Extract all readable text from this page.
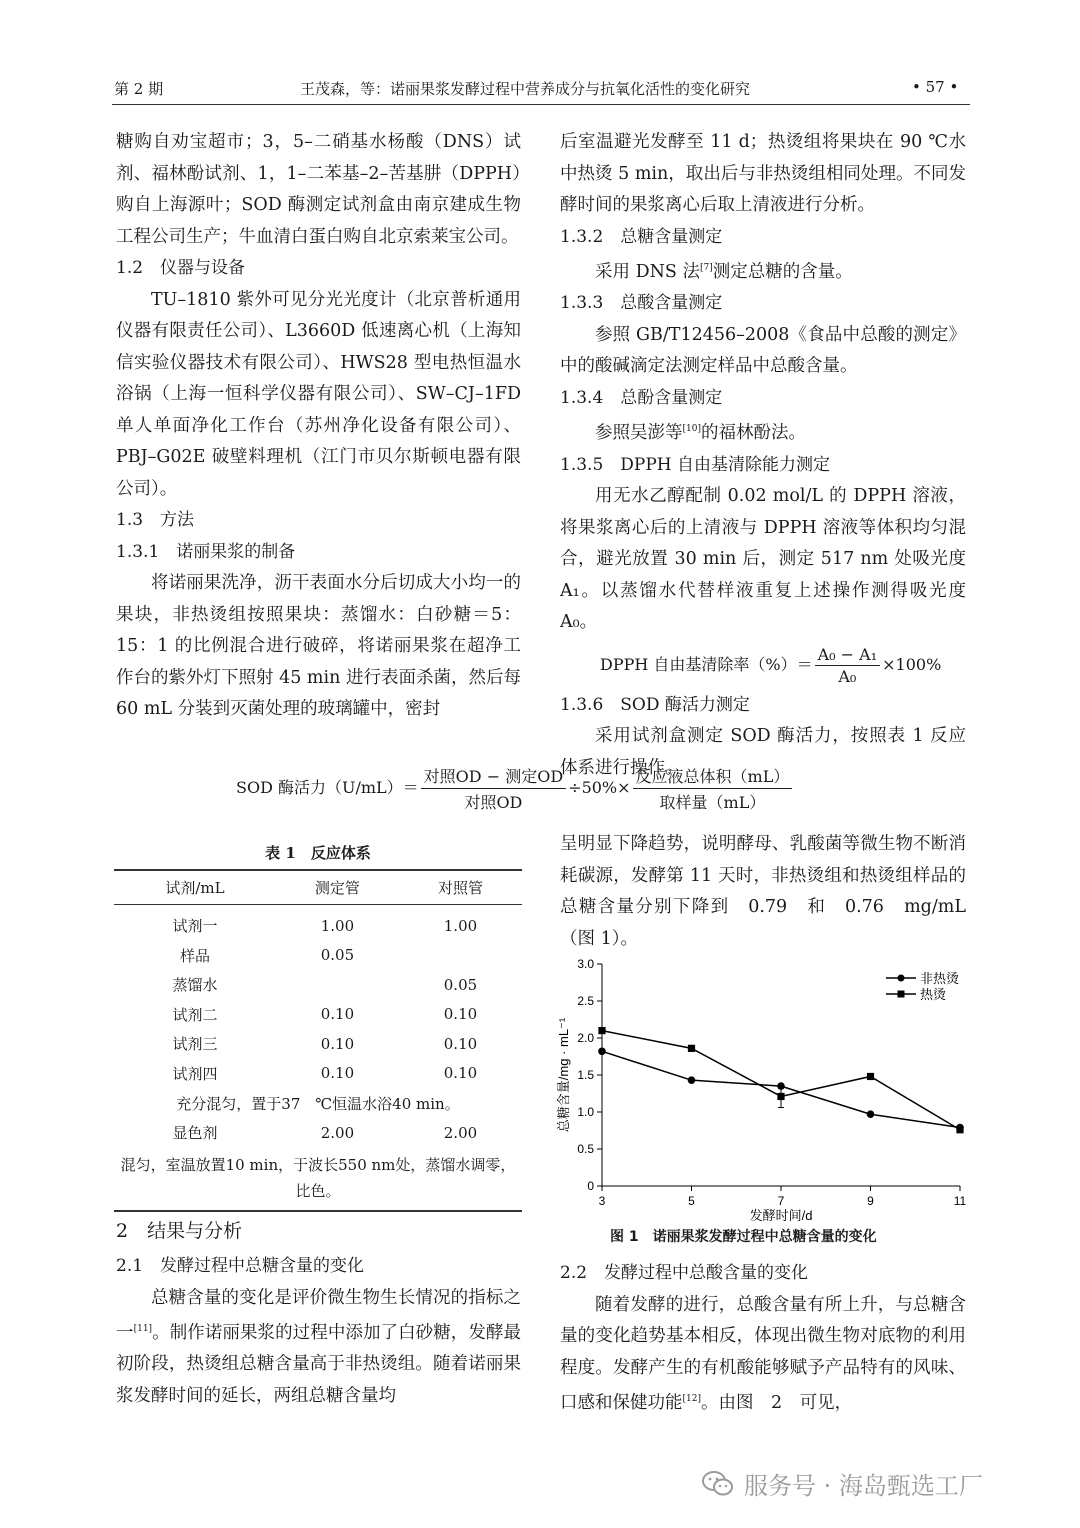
第 2 期	王茂森，等：诺丽果浆发酵过程中营养成分与抗氧化活性的变化研究	• 57 •

糖购自劝宝超市；3，5–二硝基水杨酸（DNS）试剂、福林酚试剂、1，1–二苯基–2–苦基肼（DPPH）购自上海源叶；SOD 酶测定试剂盒由南京建成生物工程公司生产；牛血清白蛋白购自北京索莱宝公司。

1.2　仪器与设备

TU–1810 紫外可见分光光度计（北京普析通用仪器有限责任公司）、L3660D 低速离心机（上海知信实验仪器技术有限公司）、HWS28 型电热恒温水浴锅（上海一恒科学仪器有限公司）、SW–CJ–1FD 单人单面净化工作台（苏州净化设备有限公司）、PBJ–G02E 破壁料理机（江门市贝尔斯顿电器有限公司）。

1.3　方法

1.3.1　诺丽果浆的制备

将诺丽果洗净，沥干表面水分后切成大小均一的果块，非热烫组按照果块：蒸馏水：白砂糖＝5：15：1 的比例混合进行破碎，将诺丽果浆在超净工作台的紫外灯下照射 45 min 进行表面杀菌，然后每 60 mL 分装到灭菌处理的玻璃罐中，密封

后室温避光发酵至 11 d；热烫组将果块在 90 ℃水中热烫 5 min，取出后与非热烫组相同处理。不同发酵时间的果浆离心后取上清液进行分析。

1.3.2　总糖含量测定

采用 DNS 法[7]测定总糖的含量。

1.3.3　总酸含量测定

参照 GB/T12456–2008《食品中总酸的测定》中的酸碱滴定法测定样品中总酸含量。

1.3.4　总酚含量测定

参照吴澎等[10]的福林酚法。

1.3.5　DPPH 自由基清除能力测定

用无水乙醇配制 0.02 mol/L 的 DPPH 溶液，将果浆离心后的上清液与 DPPH 溶液等体积均匀混合，避光放置 30 min 后，测定 517 nm 处吸光度 A₁。以蒸馏水代替样液重复上述操作测得吸光度 A₀。

DPPH 自由基清除率（%）＝ $\frac{\text{A₀ − A₁}}{\text{A₀}} \times 100\%$

1.3.6　SOD 酶活力测定

采用试剂盒测定 SOD 酶活力，按照表 1 反应体系进行操作。

SOD 酶活力$(U/mL)= \frac{\text{对照OD − 测定OD}}{\text{对照OD}} \div 50\%\times \frac{\text{反应液总体积（mL）}}{\text{取样量（mL）}}$
表 1　反应体系
试剂/mL	测定管	对照管
试剂一	1.00	1.00
样品	0.05	
蒸馏水		0.05
试剂二	0.10	0.10
试剂三	0.10	0.10
试剂四	0.10	0.10
充分混匀，置于37　℃恒温水浴40 min。		
显色剂	2.00	2.00
混匀，室温放置10 min，于波长550 nm处，蒸馏水调零，比色。		

2　结果与分析

2.1　发酵过程中总糖含量的变化

总糖含量的变化是评价微生物生长情况的指标之一[11]。制作诺丽果浆的过程中添加了白砂糖，发酵最初阶段，热烫组总糖含量高于非热烫组。随着诺丽果浆发酵时间的延长，两组总糖含量均

呈明显下降趋势，说明酵母、乳酸菌等微生物不断消耗碳源，发酵第 11 天时，非热烫组和热烫组样品的总糖含量分别下降到　0.79　和　0.76　mg/mL（图 1）。

0
0.5
1.0
1.5
2.0
2.5
3.0
3	5	7	9	11
发酵时间/d
总糖含量/mg · mL⁻¹
非热烫
热烫
图 1　诺丽果浆发酵过程中总糖含量的变化

2.2　发酵过程中总酸含量的变化

随着发酵的进行，总酸含量有所上升，与总糖含量的变化趋势基本相反，体现出微生物对底物的利用程度。发酵产生的有机酸能够赋予产品特有的风味、口感和保健功能[12]。由图　2　可见，

服务号 · 海岛甄选工厂
